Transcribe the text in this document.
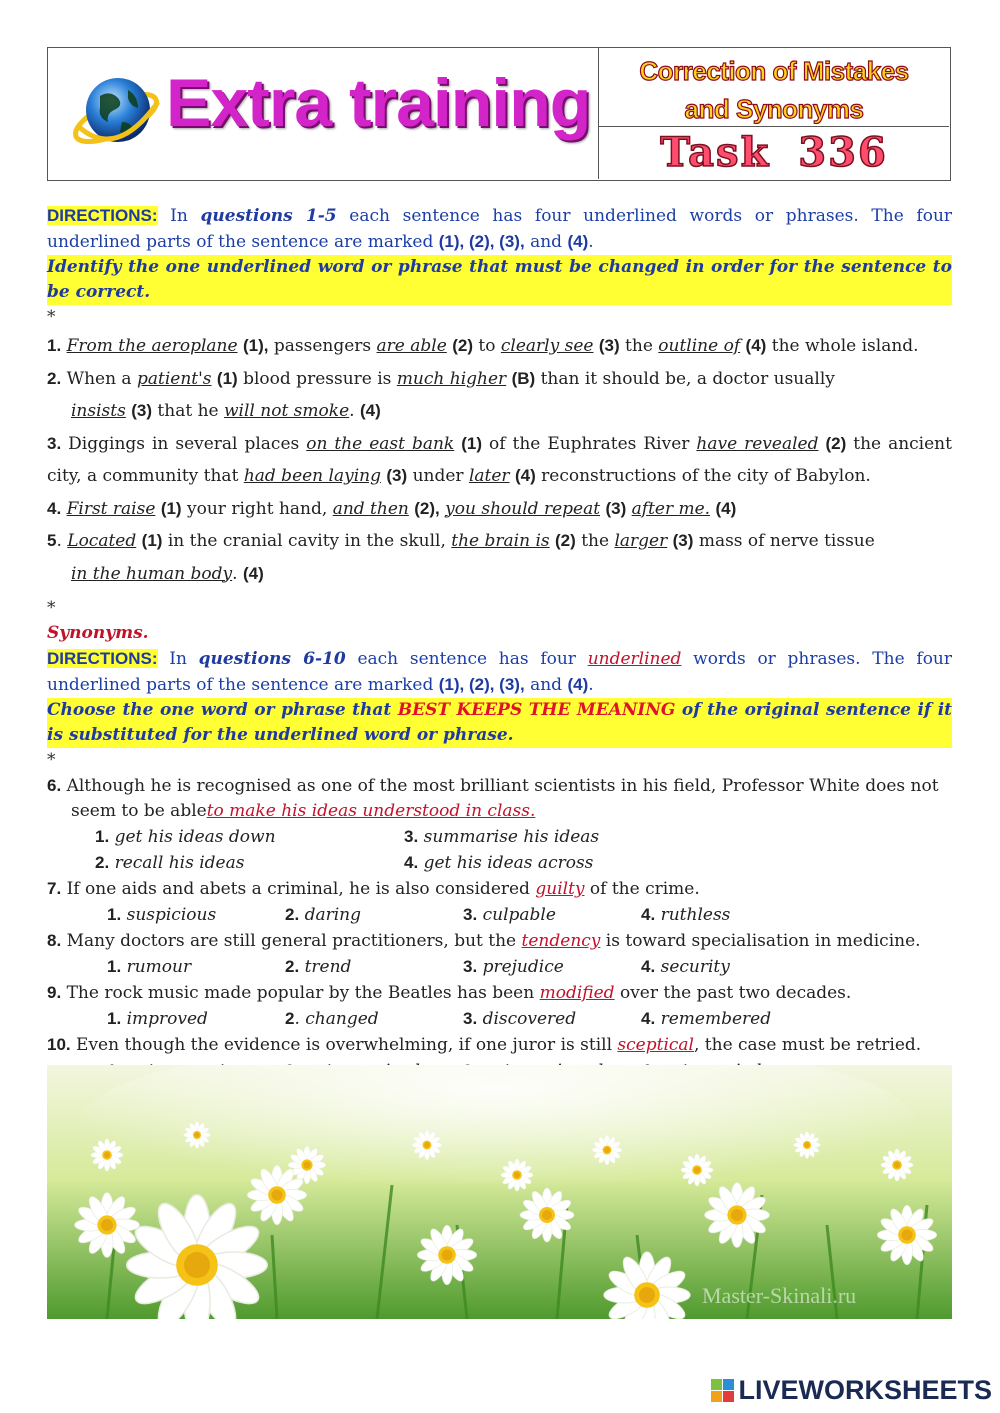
Extra training	Correction of Mistakes
and Synonyms
Task 336

DIRECTIONS: In questions 1-5 each sentence has four underlined words or phrases. The four underlined parts of the sentence are marked (1), (2), (3), and (4).

Identify the one underlined word or phrase that must be changed in order for the sentence to be correct.

*

1. From the aeroplane (1), passengers are able (2) to clearly see (3) the outline of (4) the whole island.

2. When a patient's (1) blood pressure is much higher (B) than it should be, a doctor usually
insists (3) that he will not smoke. (4)

3. Diggings in several places on the east bank (1) of the Euphrates River have revealed (2) the ancient city, a community that had been laying (3) under later (4) reconstructions of the city of Babylon.

4. First raise (1) your right hand, and then (2), you should repeat (3) after me. (4)

5. Located (1) in the cranial cavity in the skull, the brain is (2) the larger (3) mass of nerve tissue
in the human body. (4)

*

Synonyms.

DIRECTIONS: In questions 6-10 each sentence has four underlined words or phrases. The four underlined parts of the sentence are marked (1), (2), (3), and (4).

Choose the one word or phrase that BEST KEEPS THE MEANING of the original sentence if it is substituted for the underlined word or phrase.

*

6. Although he is recognised as one of the most brilliant scientists in his field, Professor White does not seem to be ableto make his ideas understood in class.

1. get his ideas down	3. summarise his ideas
2. recall his ideas	4. get his ideas across

7. If one aids and abets a criminal, he is also considered guilty of the crime.

1. suspicious	2. daring	3. culpable	4. ruthless

8. Many doctors are still general practitioners, but the tendency is toward specialisation in medicine.

1. rumour	2. trend	3. prejudice	4. security

9. The rock music made popular by the Beatles has been modified over the past two decades.

1. improved	2. changed	3. discovered	4. remembered

10. Even though the evidence is overwhelming, if one juror is still sceptical, the case must be retried.

Master-Skinali.ru
LIVEWORKSHEETS
